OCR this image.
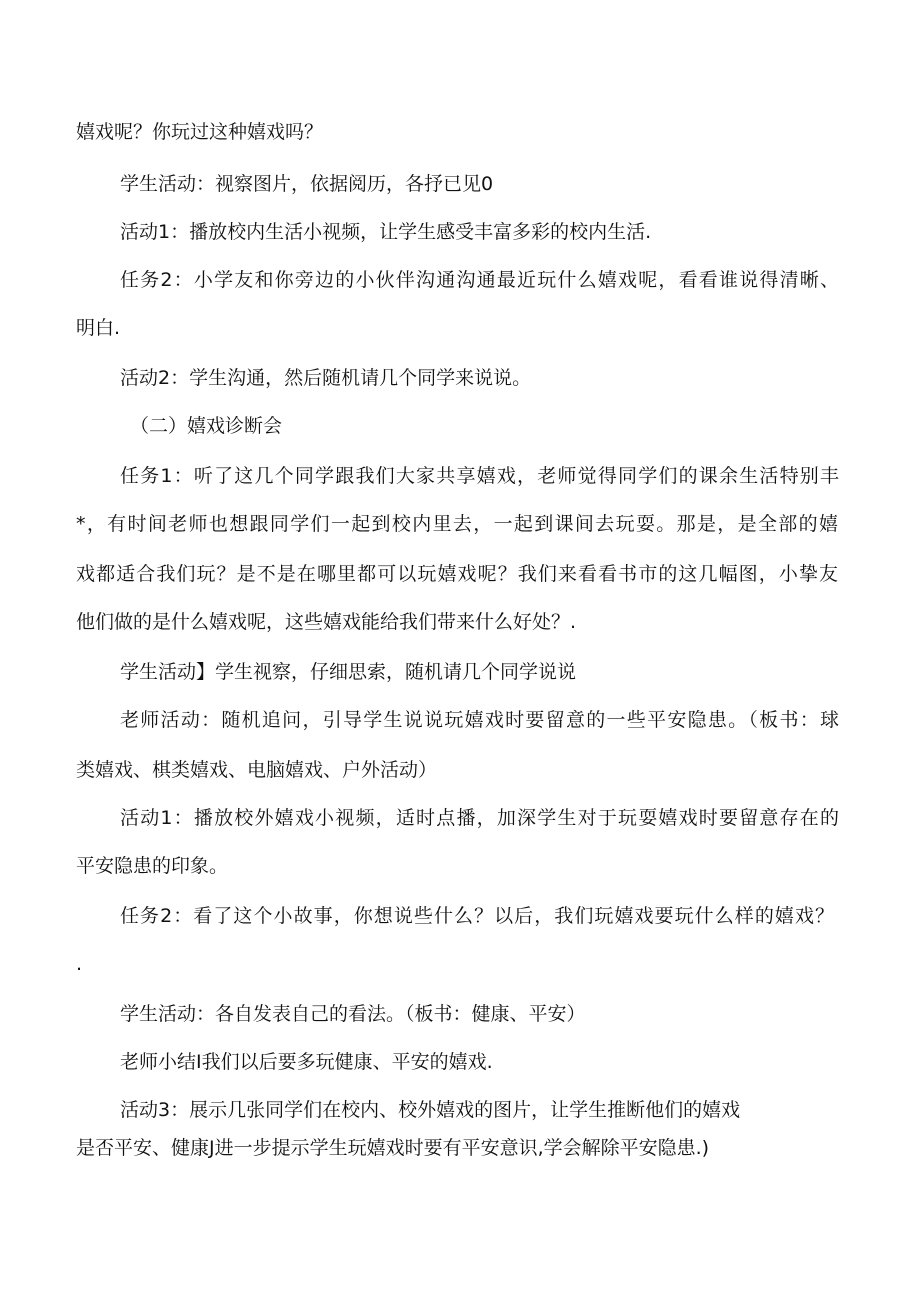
嬉戏呢？你玩过这种嬉戏吗？

学生活动：视察图片，依据阅历，各抒已见0

活动1：播放校内生活小视频，让学生感受丰富多彩的校内生活.

任务2：小学友和你旁边的小伙伴沟通沟通最近玩什么嬉戏呢，看看谁说得清晰、

明白.

活动2：学生沟通，然后随机请几个同学来说说。

（二）嬉戏诊断会

任务1：听了这几个同学跟我们大家共享嬉戏，老师觉得同学们的课余生活特别丰

*，有时间老师也想跟同学们一起到校内里去，一起到课间去玩耍。那是，是全部的嬉

戏都适合我们玩？是不是在哪里都可以玩嬉戏呢？我们来看看书市的这几幅图，小挚友

他们做的是什么嬉戏呢，这些嬉戏能给我们带来什么好处？.

学生活动】学生视察，仔细思索，随机请几个同学说说

老师活动：随机追问，引导学生说说玩嬉戏时要留意的一些平安隐患。（板书：球

类嬉戏、棋类嬉戏、电脑嬉戏、户外活动）

活动1：播放校外嬉戏小视频，适时点播，加深学生对于玩耍嬉戏时要留意存在的

平安隐患的印象。

任务2：看了这个小故事，你想说些什么？以后，我们玩嬉戏要玩什么样的嬉戏？

.

学生活动：各自发表自己的看法。（板书：健康、平安）

老师小结I我们以后要多玩健康、平安的嬉戏.

活动3：展示几张同学们在校内、校外嬉戏的图片，让学生推断他们的嬉戏

是否平安、健康J进一步提示学生玩嬉戏时要有平安意识,学会解除平安隐患.)
